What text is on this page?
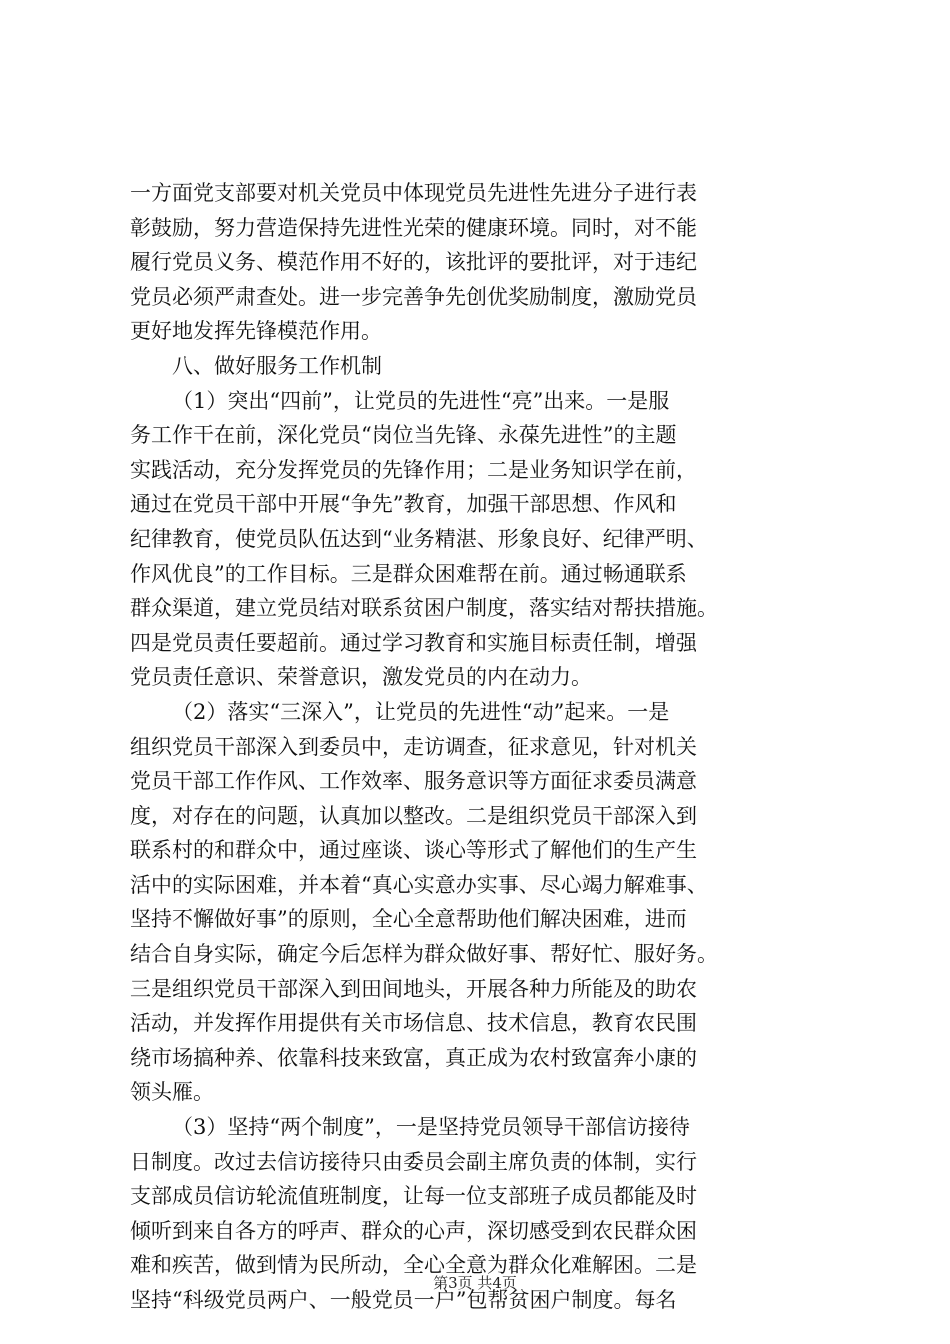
一方面党支部要对机关党员中体现党员先进性先进分子进行表
彰鼓励，努力营造保持先进性光荣的健康环境。同时，对不能
履行党员义务、模范作用不好的，该批评的要批评，对于违纪
党员必须严肃查处。进一步完善争先创优奖励制度，激励党员
更好地发挥先锋模范作用。
八、做好服务工作机制
（1）突出“四前”，让党员的先进性“亮”出来。一是服
务工作干在前，深化党员“岗位当先锋、永葆先进性”的主题
实践活动，充分发挥党员的先锋作用；二是业务知识学在前，
通过在党员干部中开展“争先”教育，加强干部思想、作风和
纪律教育，使党员队伍达到“业务精湛、形象良好、纪律严明、
作风优良”的工作目标。三是群众困难帮在前。通过畅通联系
群众渠道，建立党员结对联系贫困户制度，落实结对帮扶措施。
四是党员责任要超前。通过学习教育和实施目标责任制，增强
党员责任意识、荣誉意识，激发党员的内在动力。
（2）落实“三深入”，让党员的先进性“动”起来。一是
组织党员干部深入到委员中，走访调查，征求意见，针对机关
党员干部工作作风、工作效率、服务意识等方面征求委员满意
度，对存在的问题，认真加以整改。二是组织党员干部深入到
联系村的和群众中，通过座谈、谈心等形式了解他们的生产生
活中的实际困难，并本着“真心实意办实事、尽心竭力解难事、
坚持不懈做好事”的原则，全心全意帮助他们解决困难，进而
结合自身实际，确定今后怎样为群众做好事、帮好忙、服好务。
三是组织党员干部深入到田间地头，开展各种力所能及的助农
活动，并发挥作用提供有关市场信息、技术信息，教育农民围
绕市场搞种养、依靠科技来致富，真正成为农村致富奔小康的
领头雁。
（3）坚持“两个制度”，一是坚持党员领导干部信访接待
日制度。改过去信访接待只由委员会副主席负责的体制，实行
支部成员信访轮流值班制度，让每一位支部班子成员都能及时
倾听到来自各方的呼声、群众的心声，深切感受到农民群众困
难和疾苦，做到情为民所动，全心全意为群众化难解困。二是
坚持“科级党员两户、一般党员一户”包帮贫困户制度。每名
第3页 共4页
